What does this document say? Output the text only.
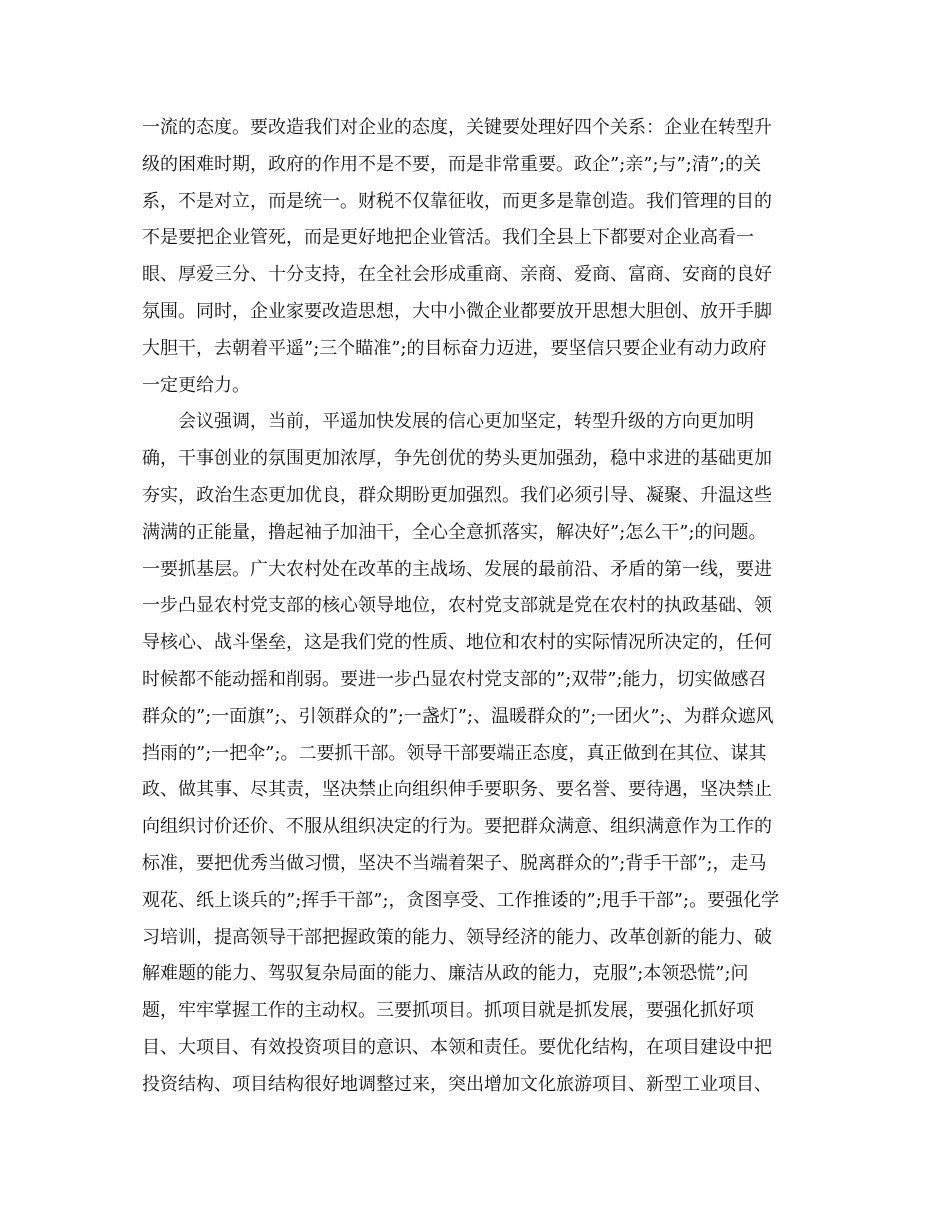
一流的态度。要改造我们对企业的态度，关键要处理好四个关系：企业在转型升
级的困难时期，政府的作用不是不要，而是非常重要。政企”;亲”;与”;清”;的关
系，不是对立，而是统一。财税不仅靠征收，而更多是靠创造。我们管理的目的
不是要把企业管死，而是更好地把企业管活。我们全县上下都要对企业高看一
眼、厚爱三分、十分支持，在全社会形成重商、亲商、爱商、富商、安商的良好
氛围。同时，企业家要改造思想，大中小微企业都要放开思想大胆创、放开手脚
大胆干，去朝着平遥”;三个瞄准”;的目标奋力迈进，要坚信只要企业有动力政府
一定更给力。
　　会议强调，当前，平遥加快发展的信心更加坚定，转型升级的方向更加明
确，干事创业的氛围更加浓厚，争先创优的势头更加强劲，稳中求进的基础更加
夯实，政治生态更加优良，群众期盼更加强烈。我们必须引导、凝聚、升温这些
满满的正能量，撸起袖子加油干，全心全意抓落实，解决好”;怎么干”;的问题。
一要抓基层。广大农村处在改革的主战场、发展的最前沿、矛盾的第一线，要进
一步凸显农村党支部的核心领导地位，农村党支部就是党在农村的执政基础、领
导核心、战斗堡垒，这是我们党的性质、地位和农村的实际情况所决定的，任何
时候都不能动摇和削弱。要进一步凸显农村党支部的”;双带”;能力，切实做感召
群众的”;一面旗”;、引领群众的”;一盏灯”;、温暖群众的”;一团火”;、为群众遮风
挡雨的”;一把伞”;。二要抓干部。领导干部要端正态度，真正做到在其位、谋其
政、做其事、尽其责，坚决禁止向组织伸手要职务、要名誉、要待遇，坚决禁止
向组织讨价还价、不服从组织决定的行为。要把群众满意、组织满意作为工作的
标准，要把优秀当做习惯，坚决不当端着架子、脱离群众的”;背手干部”;，走马
观花、纸上谈兵的”;挥手干部”;，贪图享受、工作推诿的”;甩手干部”;。要强化学
习培训，提高领导干部把握政策的能力、领导经济的能力、改革创新的能力、破
解难题的能力、驾驭复杂局面的能力、廉洁从政的能力，克服”;本领恐慌”;问
题，牢牢掌握工作的主动权。三要抓项目。抓项目就是抓发展，要强化抓好项
目、大项目、有效投资项目的意识、本领和责任。要优化结构，在项目建设中把
投资结构、项目结构很好地调整过来，突出增加文化旅游项目、新型工业项目、
